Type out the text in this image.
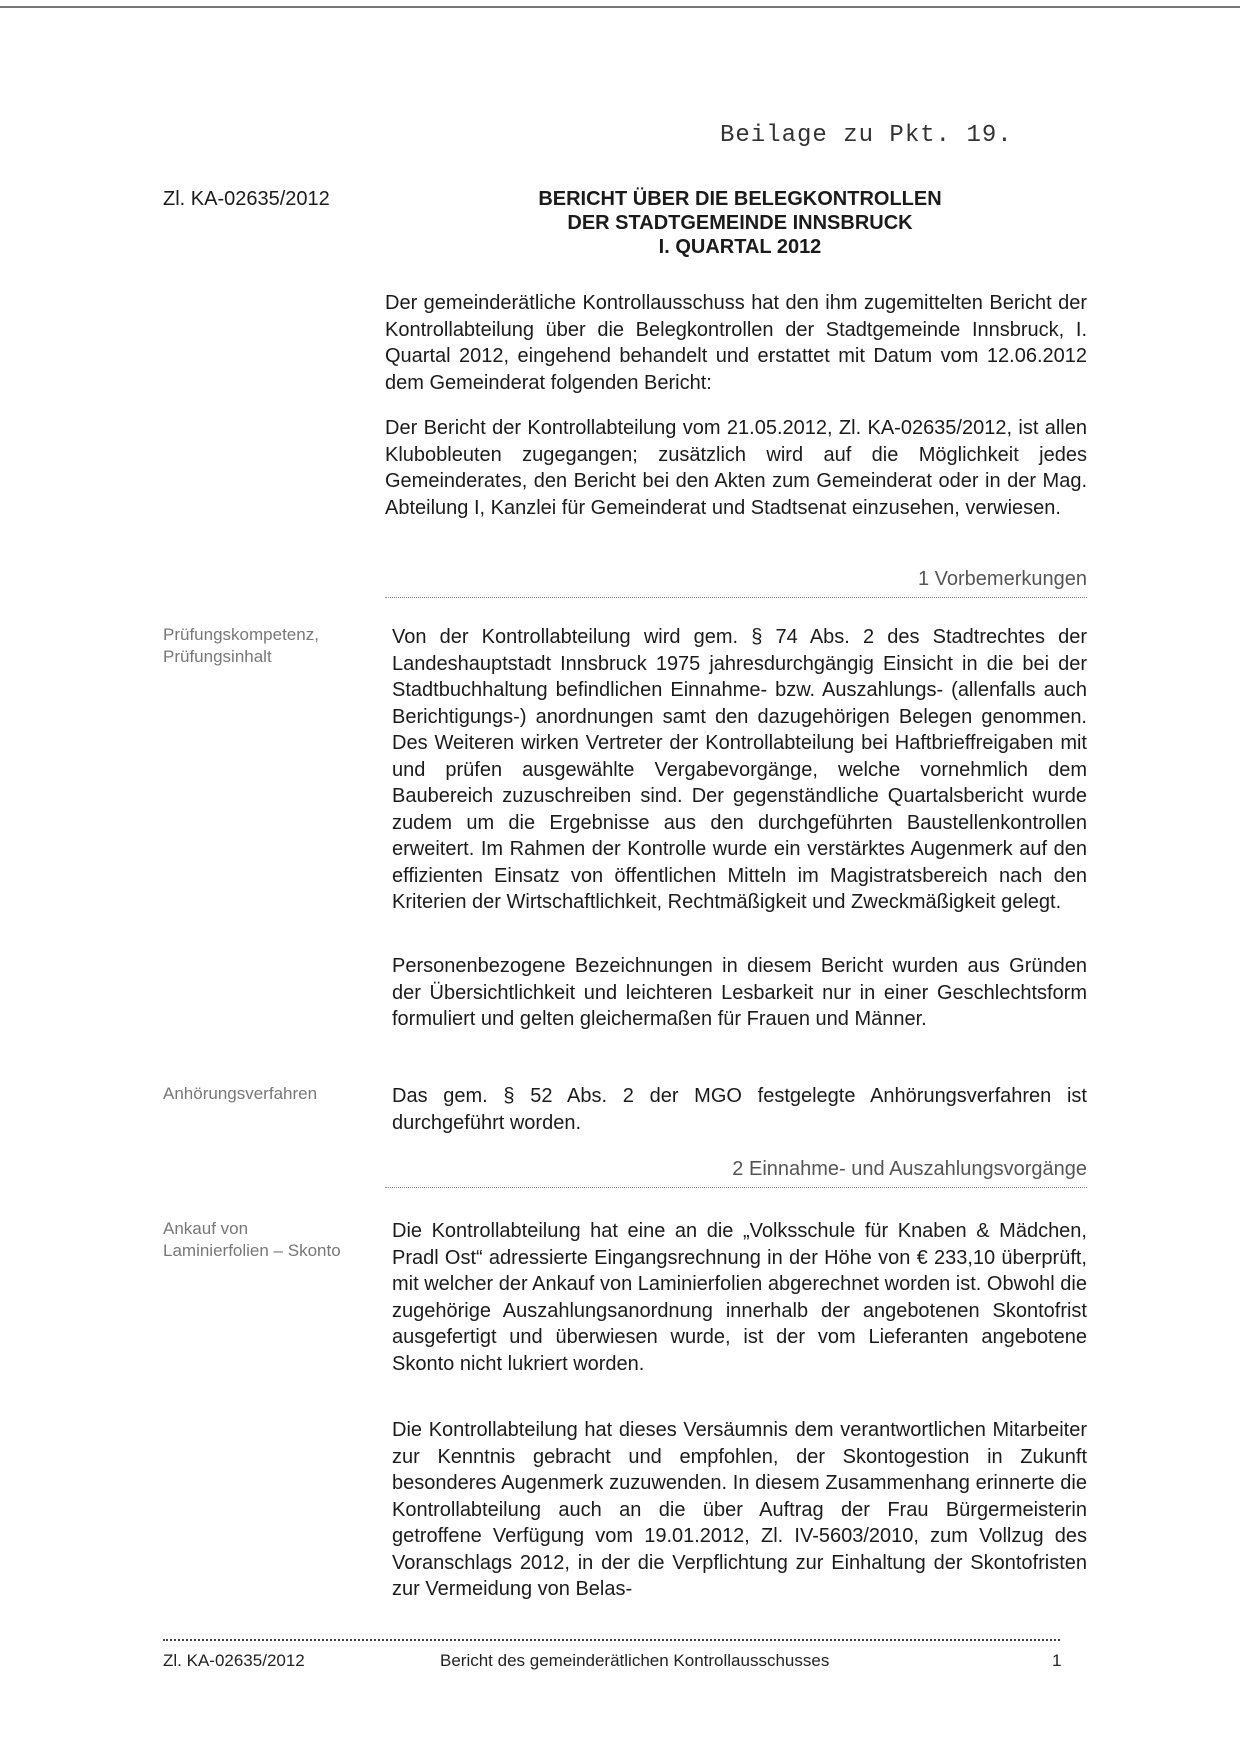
Beilage zu Pkt. 19.
Zl. KA-02635/2012	BERICHT ÜBER DIE BELEGKONTROLLEN
DER STADTGEMEINDE INNSBRUCK
I. QUARTAL 2012
Der gemeinderätliche Kontrollausschuss hat den ihm zugemittelten Bericht der Kontrollabteilung über die Belegkontrollen der Stadtgemeinde Innsbruck, I. Quartal 2012, eingehend behandelt und erstattet mit Datum vom 12.06.2012 dem Gemeinderat folgenden Bericht:
Der Bericht der Kontrollabteilung vom 21.05.2012, Zl. KA-02635/2012, ist allen Klubobleuten zugegangen; zusätzlich wird auf die Möglichkeit jedes Gemeinderates, den Bericht bei den Akten zum Gemeinderat oder in der Mag. Abteilung I, Kanzlei für Gemeinderat und Stadtsenat einzusehen, verwiesen.
1 Vorbemerkungen
Prüfungskompetenz, Prüfungsinhalt
Von der Kontrollabteilung wird gem. § 74 Abs. 2 des Stadtrechtes der Landeshauptstadt Innsbruck 1975 jahresdurchgängig Einsicht in die bei der Stadtbuchhaltung befindlichen Einnahme- bzw. Auszahlungs- (allenfalls auch Berichtigungs-) anordnungen samt den dazugehörigen Belegen genommen. Des Weiteren wirken Vertreter der Kontrollabteilung bei Haftbrieffreigaben mit und prüfen ausgewählte Vergabevorgänge, welche vornehmlich dem Baubereich zuzuschreiben sind. Der gegenständliche Quartalsbericht wurde zudem um die Ergebnisse aus den durchgeführten Baustellenkontrollen erweitert. Im Rahmen der Kontrolle wurde ein verstärktes Augenmerk auf den effizienten Einsatz von öffentlichen Mitteln im Magistratsbereich nach den Kriterien der Wirtschaftlichkeit, Rechtmäßigkeit und Zweckmäßigkeit gelegt.
Personenbezogene Bezeichnungen in diesem Bericht wurden aus Gründen der Übersichtlichkeit und leichteren Lesbarkeit nur in einer Geschlechtsform formuliert und gelten gleichermaßen für Frauen und Männer.
Anhörungsverfahren	Das gem. § 52 Abs. 2 der MGO festgelegte Anhörungsverfahren ist durchgeführt worden.
2 Einnahme- und Auszahlungsvorgänge
Ankauf von Laminierfolien – Skonto
Die Kontrollabteilung hat eine an die „Volksschule für Knaben & Mädchen, Pradl Ost“ adressierte Eingangsrechnung in der Höhe von € 233,10 überprüft, mit welcher der Ankauf von Laminierfolien abgerechnet worden ist. Obwohl die zugehörige Auszahlungsanordnung innerhalb der angebotenen Skontofrist ausgefertigt und überwiesen wurde, ist der vom Lieferanten angebotene Skonto nicht lukriert worden.
Die Kontrollabteilung hat dieses Versäumnis dem verantwortlichen Mitarbeiter zur Kenntnis gebracht und empfohlen, der Skontogestion in Zukunft besonderes Augenmerk zuzuwenden. In diesem Zusammenhang erinnerte die Kontrollabteilung auch an die über Auftrag der Frau Bürgermeisterin getroffene Verfügung vom 19.01.2012, Zl. IV-5603/2010, zum Vollzug des Voranschlags 2012, in der die Verpflichtung zur Einhaltung der Skontofristen zur Vermeidung von Belas-
Zl. KA-02635/2012	Bericht des gemeinderätlichen Kontrollausschusses	1
